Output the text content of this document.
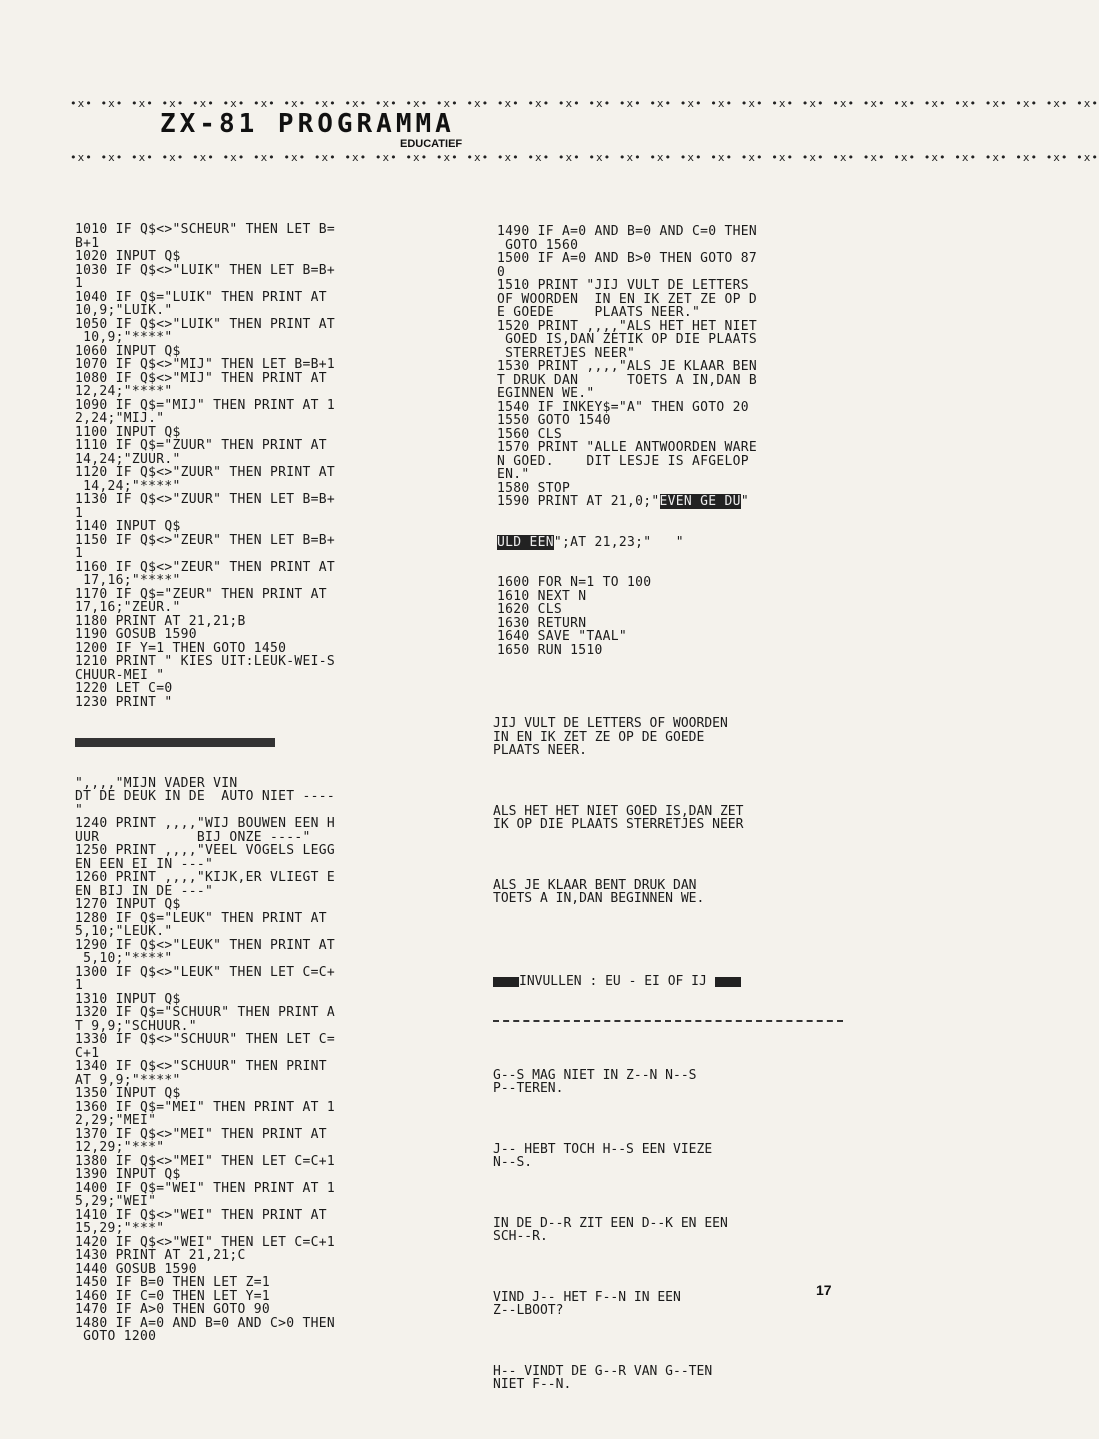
•x• •x• •x• •x• •x• •x• •x• •x• •x• •x• •x• •x• •x• •x• •x• •x• •x• •x• •x• •x• •x• •x• •x• •x• •x• •x• •x• •x• •x• •x• •x• •x• •x• •x•
ZX-81 PROGRAMMA
EDUCATIEF
•x• •x• •x• •x• •x• •x• •x• •x• •x• •x• •x• •x• •x• •x• •x• •x• •x• •x• •x• •x• •x• •x• •x• •x• •x• •x• •x• •x• •x• •x• •x• •x• •x• •x•

1010 IF Q$<>"SCHEUR" THEN LET B=
B+1
1020 INPUT Q$
1030 IF Q$<>"LUIK" THEN LET B=B+
1
1040 IF Q$="LUIK" THEN PRINT AT
10,9;"LUIK."
1050 IF Q$<>"LUIK" THEN PRINT AT
10,9;"****"
1060 INPUT Q$
1070 IF Q$<>"MIJ" THEN LET B=B+1
1080 IF Q$<>"MIJ" THEN PRINT AT
12,24;"****"
1090 IF Q$="MIJ" THEN PRINT AT 1
2,24;"MIJ."
1100 INPUT Q$
1110 IF Q$="ZUUR" THEN PRINT AT
14,24;"ZUUR."
1120 IF Q$<>"ZUUR" THEN PRINT AT
14,24;"****"
1130 IF Q$<>"ZUUR" THEN LET B=B+
1
1140 INPUT Q$
1150 IF Q$<>"ZEUR" THEN LET B=B+
1
1160 IF Q$<>"ZEUR" THEN PRINT AT
17,16;"****"
1170 IF Q$="ZEUR" THEN PRINT AT
17,16;"ZEUR."
1180 PRINT AT 21,21;B
1190 GOSUB 1590
1200 IF Y=1 THEN GOTO 1450
1210 PRINT " KIES UIT:LEUK-WEI-S
CHUUR-MEI "
1220 LET C=0
1230 PRINT "

",,,,"MIJN VADER VIN
DT DE DEUK IN DE  AUTO NIET ----
"
1240 PRINT ,,,,"WIJ BOUWEN EEN H
UUR            BIJ ONZE ----"
1250 PRINT ,,,,"VEEL VOGELS LEGG
EN EEN EI IN ---"
1260 PRINT ,,,,"KIJK,ER VLIEGT E
EN BIJ IN DE ---"
1270 INPUT Q$
1280 IF Q$="LEUK" THEN PRINT AT
5,10;"LEUK."
1290 IF Q$<>"LEUK" THEN PRINT AT
5,10;"****"
1300 IF Q$<>"LEUK" THEN LET C=C+
1
1310 INPUT Q$
1320 IF Q$="SCHUUR" THEN PRINT A
T 9,9;"SCHUUR."
1330 IF Q$<>"SCHUUR" THEN LET C=
C+1
1340 IF Q$<>"SCHUUR" THEN PRINT
AT 9,9;"****"
1350 INPUT Q$
1360 IF Q$="MEI" THEN PRINT AT 1
2,29;"MEI"
1370 IF Q$<>"MEI" THEN PRINT AT
12,29;"***"
1380 IF Q$<>"MEI" THEN LET C=C+1
1390 INPUT Q$
1400 IF Q$="WEI" THEN PRINT AT 1
5,29;"WEI"
1410 IF Q$<>"WEI" THEN PRINT AT
15,29;"***"
1420 IF Q$<>"WEI" THEN LET C=C+1
1430 PRINT AT 21,21;C
1440 GOSUB 1590
1450 IF B=0 THEN LET Z=1
1460 IF C=0 THEN LET Y=1
1470 IF A>0 THEN GOTO 90
1480 IF A=0 AND B=0 AND C>0 THEN
GOTO 1200

1490 IF A=0 AND B=0 AND C=0 THEN
GOTO 1560
1500 IF A=0 AND B>0 THEN GOTO 87
0
1510 PRINT "JIJ VULT DE LETTERS
OF WOORDEN  IN EN IK ZET ZE OP D
E GOEDE     PLAATS NEER."
1520 PRINT ,,,,"ALS HET HET NIET
GOED IS,DAN ZETIK OP DIE PLAATS
STERRETJES NEER"
1530 PRINT ,,,,"ALS JE KLAAR BEN
T DRUK DAN      TOETS A IN,DAN B
EGINNEN WE."
1540 IF INKEY$="A" THEN GOTO 20
1550 GOTO 1540
1560 CLS
1570 PRINT "ALLE ANTWOORDEN WARE
N GOED.    DIT LESJE IS AFGELOP
EN."
1580 STOP
1590 PRINT AT 21,0;"EVEN GE DU"

ULD EEN";AT 21,23;"   "

1600 FOR N=1 TO 100
1610 NEXT N
1620 CLS
1630 RETURN
1640 SAVE "TAAL"
1650 RUN 1510

JIJ VULT DE LETTERS OF WOORDEN
IN EN IK ZET ZE OP DE GOEDE
PLAATS NEER.

ALS HET HET NIET GOED IS,DAN ZET
IK OP DIE PLAATS STERRETJES NEER

ALS JE KLAAR BENT DRUK DAN
TOETS A IN,DAN BEGINNEN WE.

INVULLEN : EU - EI OF IJ

G--S MAG NIET IN Z--N N--S
P--TEREN.

J-- HEBT TOCH H--S EEN VIEZE
N--S.

IN DE D--R ZIT EEN D--K EN EEN
SCH--R.

VIND J-- HET F--N IN EEN
Z--LBOOT?

H-- VINDT DE G--R VAN G--TEN
NIET F--N.

17
